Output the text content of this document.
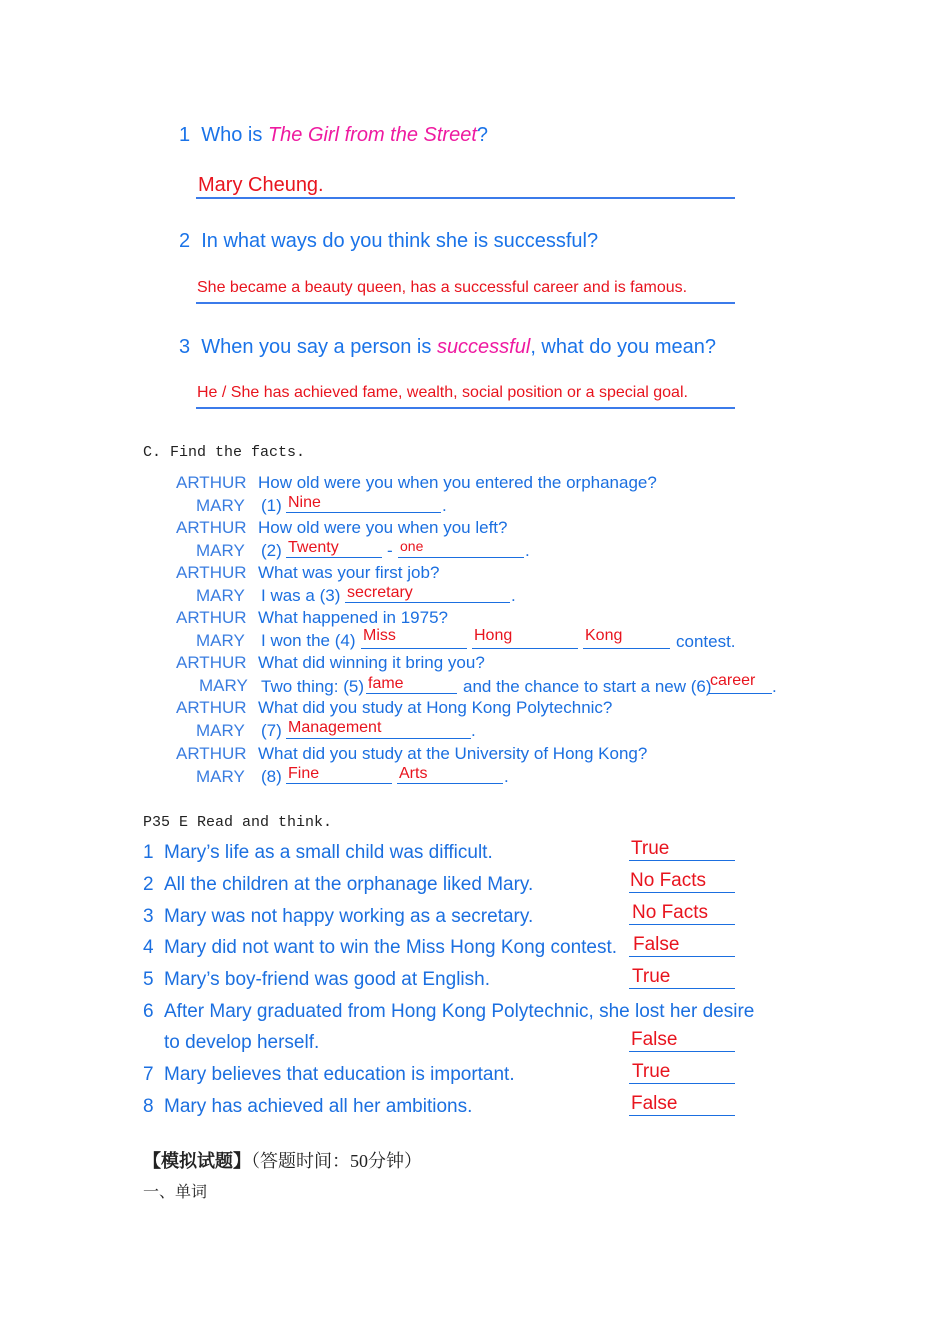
1 Who is The Girl from the Street?
Mary Cheung.
2 In what ways do you think she is successful?
She became a beauty queen, has a successful career and is famous.
3 When you say a person is successful, what do you mean?
He / She has achieved fame, wealth, social position or a special goal.
C. Find the facts.
ARTHUR How old were you when you entered the orphanage?
MARY (1) Nine	.
ARTHUR How old were you when you left?
MARY (2) Twenty	- one	.
ARTHUR What was your first job?
MARY I was a (3) secretary	.
ARTHUR What happened in 1975?
MARY I won the (4) Miss	Hong	Kong	contest.
ARTHUR What did winning it bring you?
MARY Two thing: (5) fame	and the chance to start a new (6)
career .
ARTHUR What did you study at Hong Kong Polytechnic?
MARY (7) Management	.
ARTHUR What did you study at the University of Hong Kong?
MARY (8) Fine	Arts	.
P35 E Read and think.
1 Mary’s life as a small child was difficult.	True
2 All the children at the orphanage liked Mary.	No Facts
3 Mary was not happy working as a secretary.	No Facts
4 Mary did not want to win the Miss Hong Kong contest. False
5 Mary’s boy-friend was good at English.	True
6 After Mary graduated from Hong Kong Polytechnic, she lost her desire
to develop herself.	False
7 Mary believes that education is important.	True
8 Mary has achieved all her ambitions.	False
【模拟试题】（答题时间：50分钟）
一、单词
